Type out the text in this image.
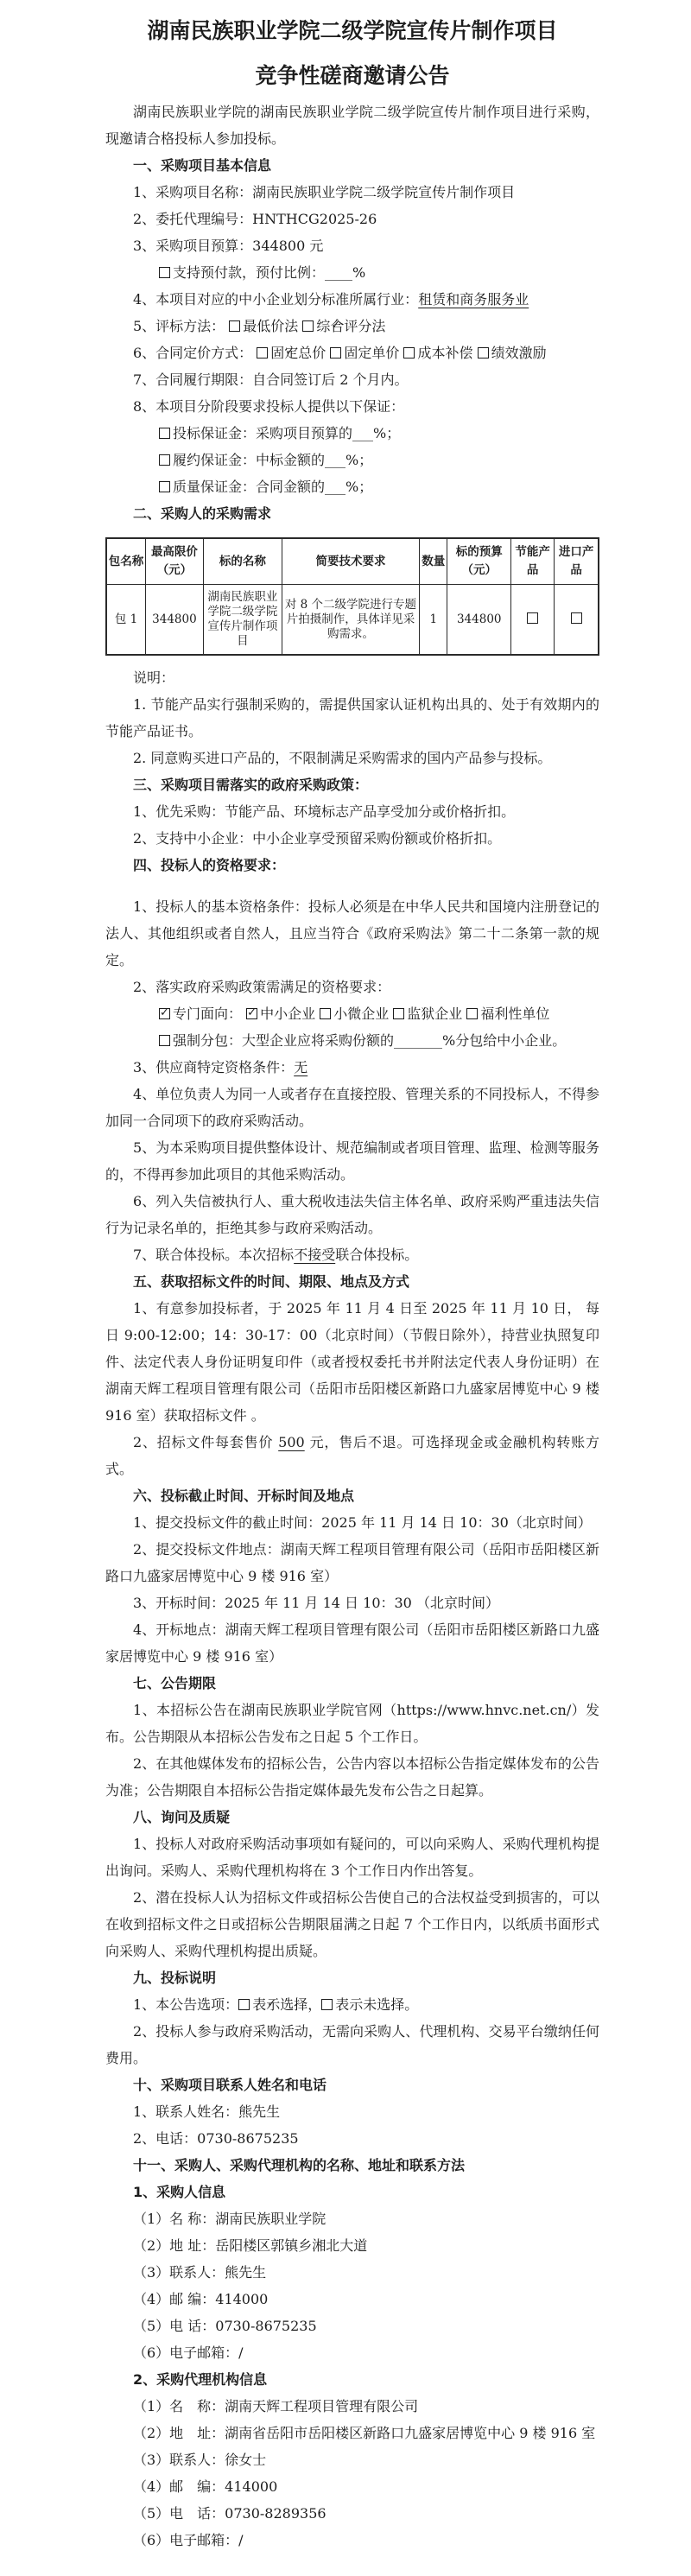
湖南民族职业学院二级学院宣传片制作项目
竞争性磋商邀请公告

湖南民族职业学院的湖南民族职业学院二级学院宣传片制作项目进行采购，现邀请合格投标人参加投标。

一、采购项目基本信息

1、采购项目名称：湖南民族职业学院二级学院宣传片制作项目

2、委托代理编号：HNTHCG2025-26

3、采购项目预算：344800 元

支持预付款，预付比例：____%

4、本项目对应的中小企业划分标准所属行业：租赁和商务服务业

5、评标方法： 最低价法 ✓综合评分法

6、合同定价方式： ✓固定总价 固定单价 成本补偿 绩效激励

7、合同履行期限：自合同签订后 2 个月内。

8、本项目分阶段要求投标人提供以下保证：

投标保证金：采购项目预算的___%；

履约保证金：中标金额的___%；

质量保证金：合同金额的___%；

二、采购人的采购需求

包名称	最高限价（元）	标的名称	简要技术要求	数量	标的预算（元）	节能产品	进口产品
包 1	344800	湖南民族职业学院二级学院宣传片制作项目	对 8 个二级学院进行专题片拍摄制作，具体详见采购需求。	1	344800		

说明：

1. 节能产品实行强制采购的，需提供国家认证机构出具的、处于有效期内的节能产品证书。

2. 同意购买进口产品的，不限制满足采购需求的国内产品参与投标。

三、采购项目需落实的政府采购政策：

1、优先采购：节能产品、环境标志产品享受加分或价格折扣。

2、支持中小企业：中小企业享受预留采购份额或价格折扣。

四、投标人的资格要求：

1、投标人的基本资格条件：投标人必须是在中华人民共和国境内注册登记的法人、其他组织或者自然人，且应当符合《政府采购法》第二十二条第一款的规定。

2、落实政府采购政策需满足的资格要求：

✓专门面向： ✓中小企业 小微企业 监狱企业 福利性单位

强制分包：大型企业应将采购份额的_______%分包给中小企业。

3、供应商特定资格条件：无

4、单位负责人为同一人或者存在直接控股、管理关系的不同投标人，不得参加同一合同项下的政府采购活动。

5、为本采购项目提供整体设计、规范编制或者项目管理、监理、检测等服务的，不得再参加此项目的其他采购活动。

6、列入失信被执行人、重大税收违法失信主体名单、政府采购严重违法失信行为记录名单的，拒绝其参与政府采购活动。

7、联合体投标。本次招标不接受联合体投标。

五、获取招标文件的时间、期限、地点及方式

1、有意参加投标者，于 2025 年 11 月 4 日至 2025 年 11 月 10 日， 每日 9:00-12:00；14：30-17：00（北京时间）（节假日除外），持营业执照复印件、法定代表人身份证明复印件（或者授权委托书并附法定代表人身份证明）在湖南天辉工程项目管理有限公司（岳阳市岳阳楼区新路口九盛家居博览中心 9 楼 916 室）获取招标文件 。

2、招标文件每套售价 500 元，售后不退。可选择现金或金融机构转账方式。

六、投标截止时间、开标时间及地点

1、提交投标文件的截止时间：2025 年 11 月 14 日 10：30（北京时间）

2、提交投标文件地点：湖南天辉工程项目管理有限公司（岳阳市岳阳楼区新路口九盛家居博览中心 9 楼 916 室）

3、开标时间：2025 年 11 月 14 日 10：30 （北京时间）

4、开标地点：湖南天辉工程项目管理有限公司（岳阳市岳阳楼区新路口九盛家居博览中心 9 楼 916 室）

七、公告期限

1、本招标公告在湖南民族职业学院官网（https://www.hnvc.net.cn/）发布。公告期限从本招标公告发布之日起 5 个工作日。

2、在其他媒体发布的招标公告，公告内容以本招标公告指定媒体发布的公告为准；公告期限自本招标公告指定媒体最先发布公告之日起算。

八、询问及质疑

1、投标人对政府采购活动事项如有疑问的，可以向采购人、采购代理机构提出询问。采购人、采购代理机构将在 3 个工作日内作出答复。

2、潜在投标人认为招标文件或招标公告使自己的合法权益受到损害的，可以在收到招标文件之日或招标公告期限届满之日起 7 个工作日内，以纸质书面形式向采购人、采购代理机构提出质疑。

九、投标说明

1、本公告选项： ✓ 表示选择， 表示未选择。

2、投标人参与政府采购活动，无需向采购人、代理机构、交易平台缴纳任何费用。

十、采购项目联系人姓名和电话

1、联系人姓名：熊先生

2、电话：0730-8675235

十一、采购人、采购代理机构的名称、地址和联系方法

1、采购人信息

（1）名 称：湖南民族职业学院

（2）地 址：岳阳楼区郭镇乡湘北大道

（3）联系人：熊先生

（4）邮 编：414000

（5）电 话：0730-8675235

（6）电子邮箱：/

2、采购代理机构信息

（1）名　称：湖南天辉工程项目管理有限公司

（2）地　址：湖南省岳阳市岳阳楼区新路口九盛家居博览中心 9 楼 916 室

（3）联系人：徐女士

（4）邮　编：414000

（5）电　话：0730-8289356

（6）电子邮箱：/
